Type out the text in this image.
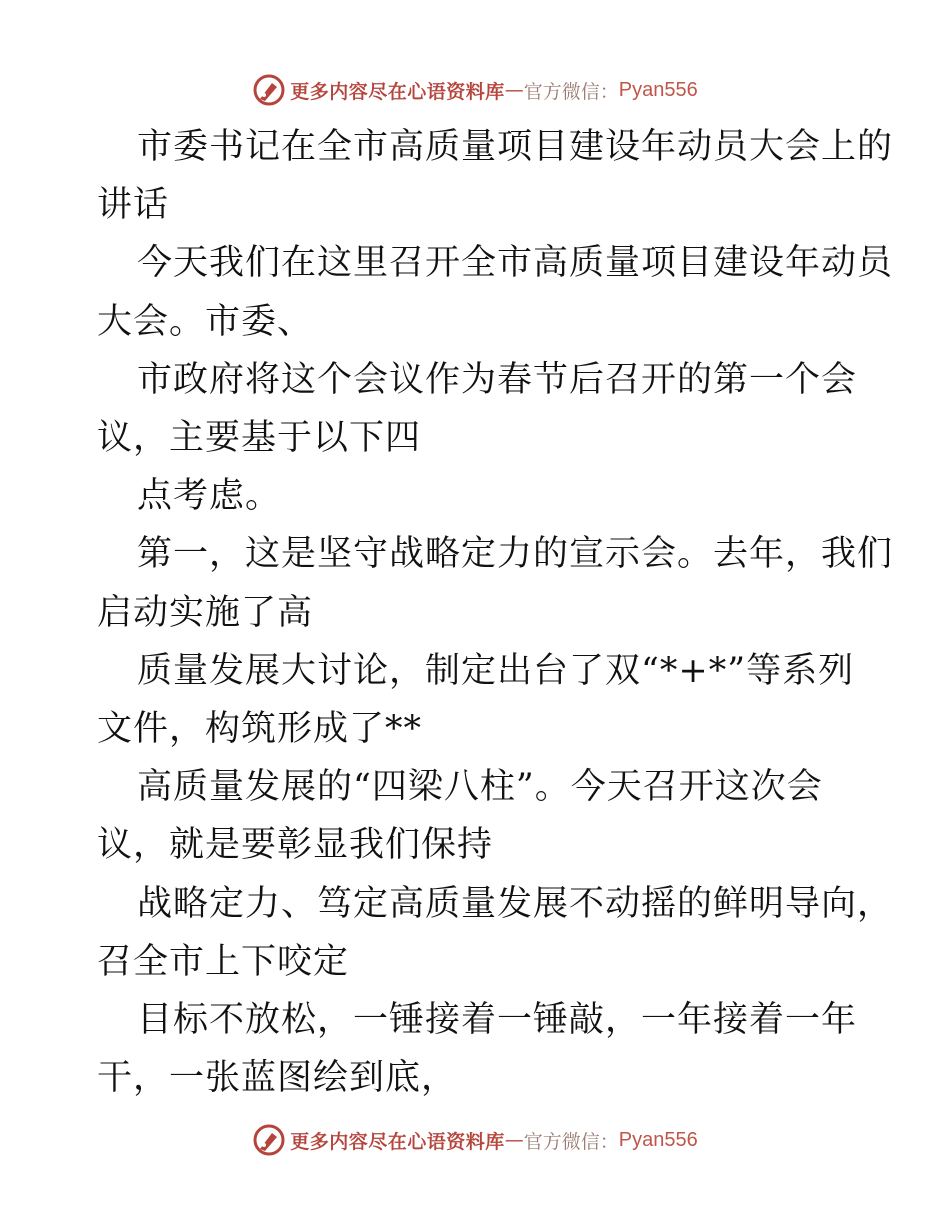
更多内容尽在心语资料库 — 官方微信： Pyan556
市委书记在全市高质量项目建设年动员大会上的
讲话
今天我们在这里召开全市高质量项目建设年动员
大会。市委、
市政府将这个会议作为春节后召开的第一个会
议，主要基于以下四
点考虑。
第一，这是坚守战略定力的宣示会。去年，我们
启动实施了高
质量发展大讨论，制定出台了双“*+*”等系列
文件，构筑形成了**
高质量发展的“四梁八柱”。今天召开这次会
议，就是要彰显我们保持
战略定力、笃定高质量发展不动摇的鲜明导向，
召全市上下咬定
目标不放松，一锤接着一锤敲，一年接着一年
干，一张蓝图绘到底，
更多内容尽在心语资料库 — 官方微信： Pyan556
